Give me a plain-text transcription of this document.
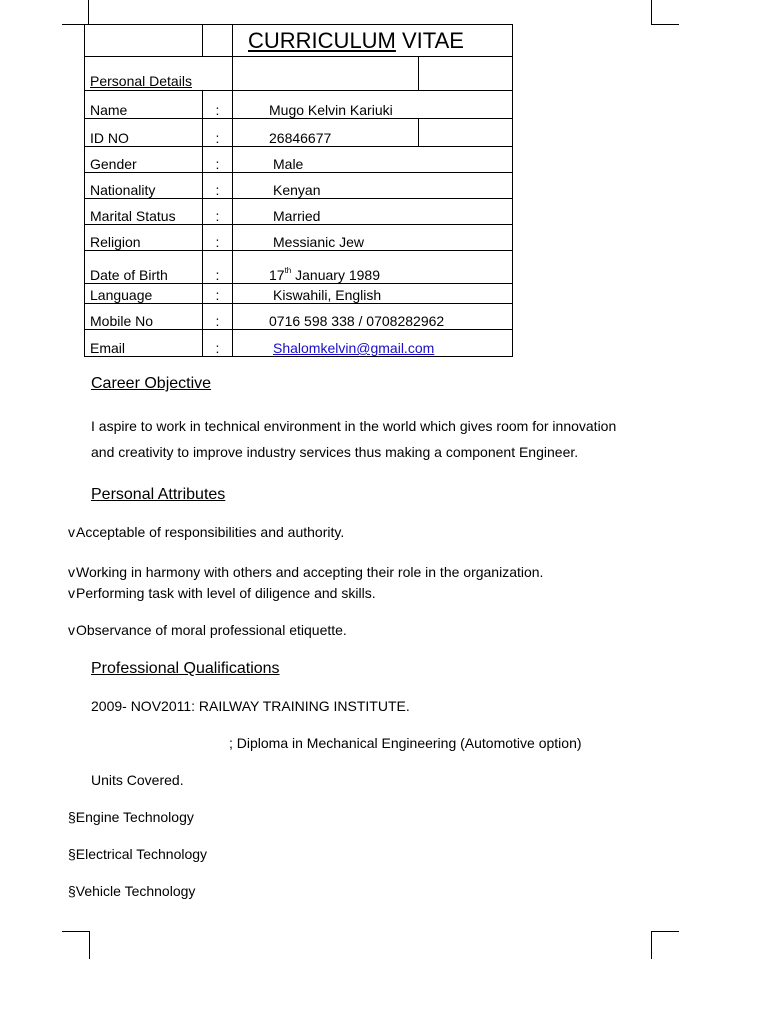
		CURRICULUM VITAE	
Personal Details			
Name	:	Mugo Kelvin Kariuki	
ID NO	:	26846677	
Gender	:	Male	
Nationality	:	Kenyan	
Marital Status	:	Married	
Religion	:	Messianic Jew	
Date of Birth	:	17th January 1989	
Language	:	Kiswahili, English	
Mobile No	:	0716 598 338 / 0708282962	
Email	:	Shalomkelvin@gmail.com	
Career Objective
I aspire to work in technical environment in the world which gives room for innovation
and creativity to improve industry services thus making a component Engineer.
Personal Attributes
vAcceptable of responsibilities and authority.
vWorking in harmony with others and accepting their role in the organization.
vPerforming task with level of diligence and skills.
vObservance of moral professional etiquette.
Professional Qualifications
2009- NOV2011: RAILWAY TRAINING INSTITUTE.
; Diploma in Mechanical Engineering (Automotive option)
Units Covered.
§Engine Technology
§Electrical Technology
§Vehicle Technology
